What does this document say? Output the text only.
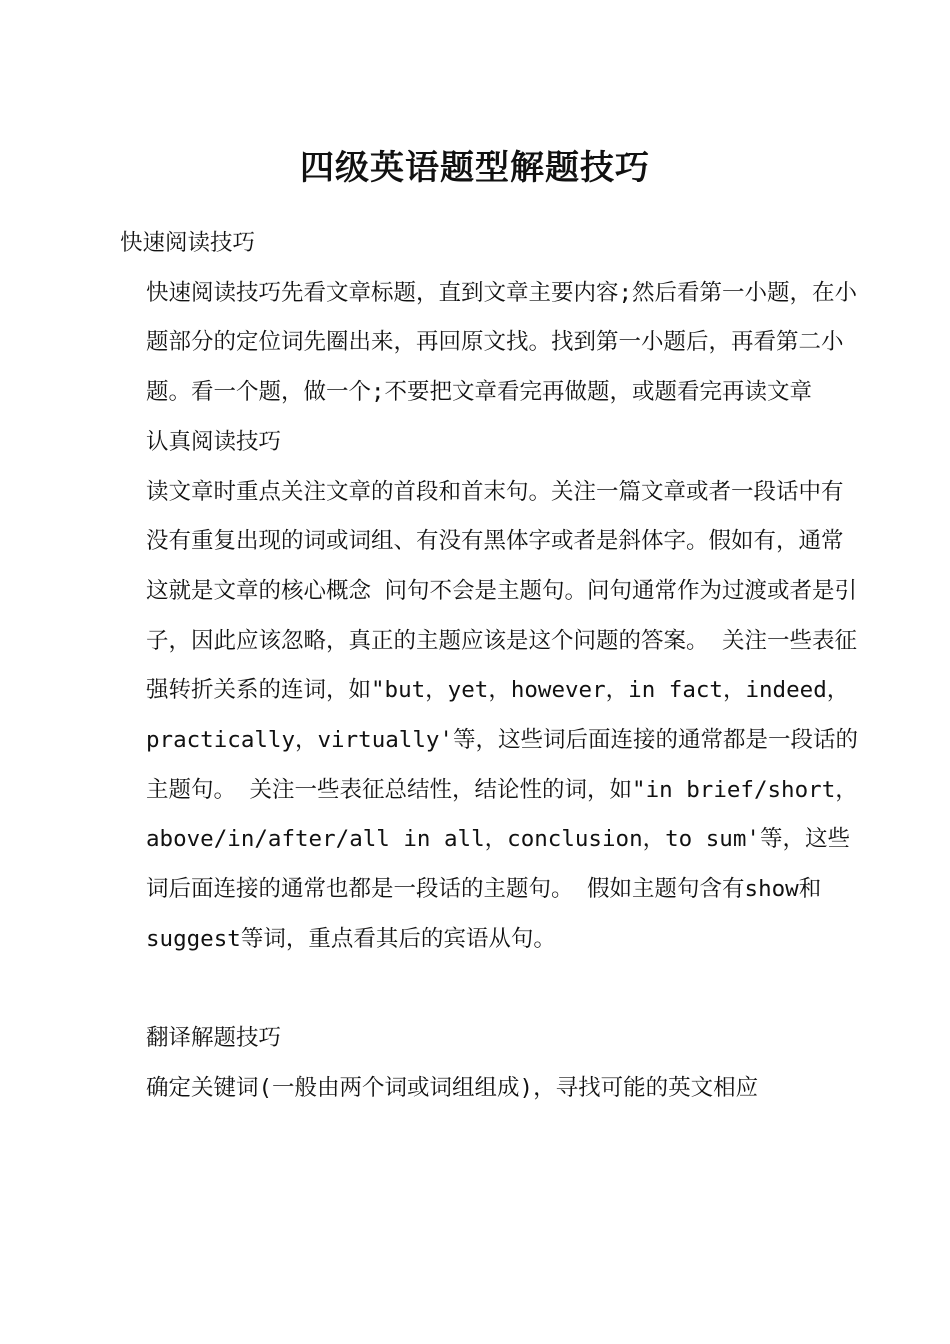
四级英语题型解题技巧

快速阅读技巧

快速阅读技巧先看文章标题，直到文章主要内容;然后看第一小题，在小题部分的定位词先圈出来，再回原文找。找到第一小题后，再看第二小题。看一个题，做一个;不要把文章看完再做题，或题看完再读文章

认真阅读技巧

读文章时重点关注文章的首段和首末句。关注一篇文章或者一段话中有没有重复出现的词或词组、有没有黑体字或者是斜体字。假如有，通常这就是文章的核心概念 问句不会是主题句。问句通常作为过渡或者是引子，因此应该忽略，真正的主题应该是这个问题的答案。 关注一些表征强转折关系的连词，如"but，yet，however，in fact，indeed，practically，virtually'等，这些词后面连接的通常都是一段话的主题句。 关注一些表征总结性，结论性的词，如"in brief/short，above/in/after/all in all，conclusion，to sum'等，这些词后面连接的通常也都是一段话的主题句。 假如主题句含有show和suggest等词，重点看其后的宾语从句。

翻译解题技巧

确定关键词(一般由两个词或词组组成)，寻找可能的英文相应
